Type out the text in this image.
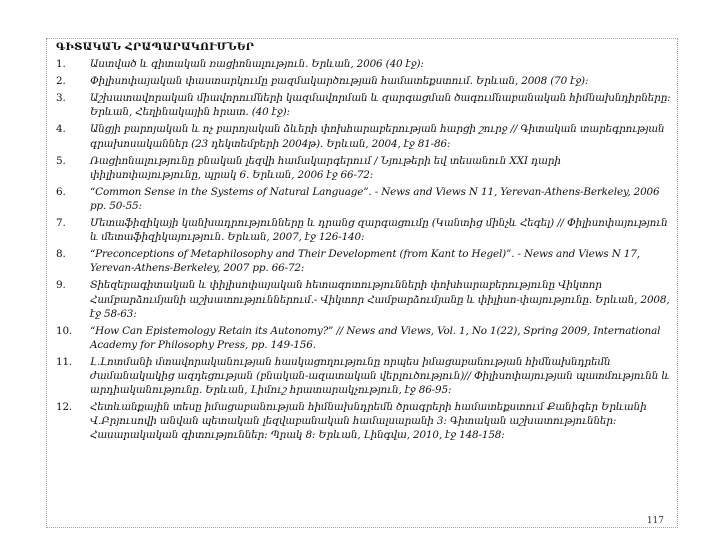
ԳԻՏԱԿԱՆ ՀՐԱՊԱՐԱԿՈՒՄՆԵՐ
1.	Աստված և գիտական ռացիոնալություն. Երևան, 2006 (40 էջ):
2.	Փիլիսոփայական փաստարկումը բազմակարծության համատեքստում. Երևան, 2008 (70 էջ):
3.	Աշխատավորական միավորումների կազմավորման և զարգացման ծագումնաբանական հիմնախնդիրները: Երևան, Հեղինակային հրատ. (40 էջ):
4.	Անցյի բարոյական և ոչ բարոյական ձևերի փոխհարաբերության հարցի շուրջ // Գիտական տարեգրության գրախոսականներ (23 դեկտեմբերի 2004թ). Երևան, 2004, էջ 81-86:
5.	Ռացիոնալությունը բնական լեզվի համակարգերում / Նյութերի եվ տեսանուն XXI դարի փիլիսոփայությունը, պրակ 6. Երևան, 2006 էջ 66-72:
6.	“Common Sense in the Systems of Natural Language”. - News and Views N 11, Yerevan-Athens-Berkeley, 2006 pp. 50-55:
7.	Մետաֆիզիկայի կանխադրությունները և դրանց զարգացումը (Կանտից մինչև Հեգել) // Փիլիսոփայություն և մետաֆիզիկայություն. Երևան, 2007, էջ 126-140:
8.	“Preconceptions of Metaphilosophy and Their Development (from Kant to Hegel)”. - News and Views N 17, Yerevan-Athens-Berkeley, 2007 pp. 66-72:
9.	Տիեզերագիտական և փիլիսոփայական հետազոտությունների փոխհարաբերությունը Վիկտոր Համբարձումյանի աշխատություններում.- Վիկտոր Համբարձումյանը և փիլիսո-փայությունը. Երևան, 2008, էջ 58-63:
10.	“How Can Epistemology Retain its Autonomy?” // News and Views, Vol. 1, No 1(22), Spring 2009, International Academy for Philosophy Press, pp. 149-156.
11.	Լ.Լոտմանի մտավորականության հասկացողությունը որպես իմացաբանության հիմնախնդրեմն ժամանակակից ազդեցության (բնական-ազատական վերլուծություն)// Փիլիսոփայության պատմությունն և արդիականությունը. Երևան, Լիմուշ հրատարակչություն, էջ 86-95:
12.	Հետևանքային տեսը իմացաբանության հիմնախնդրեմն ծրագրերի համատեքստում Քանիգեր Երևանի Վ.Բրյուսովի անվան պետական լեզվաբանական համալսարանի 3: Գիտական աշխատություններ: Հասարակական գիտություններ: Պրակ 8: Երևան, Լինգվա, 2010, էջ 148-158:
117
